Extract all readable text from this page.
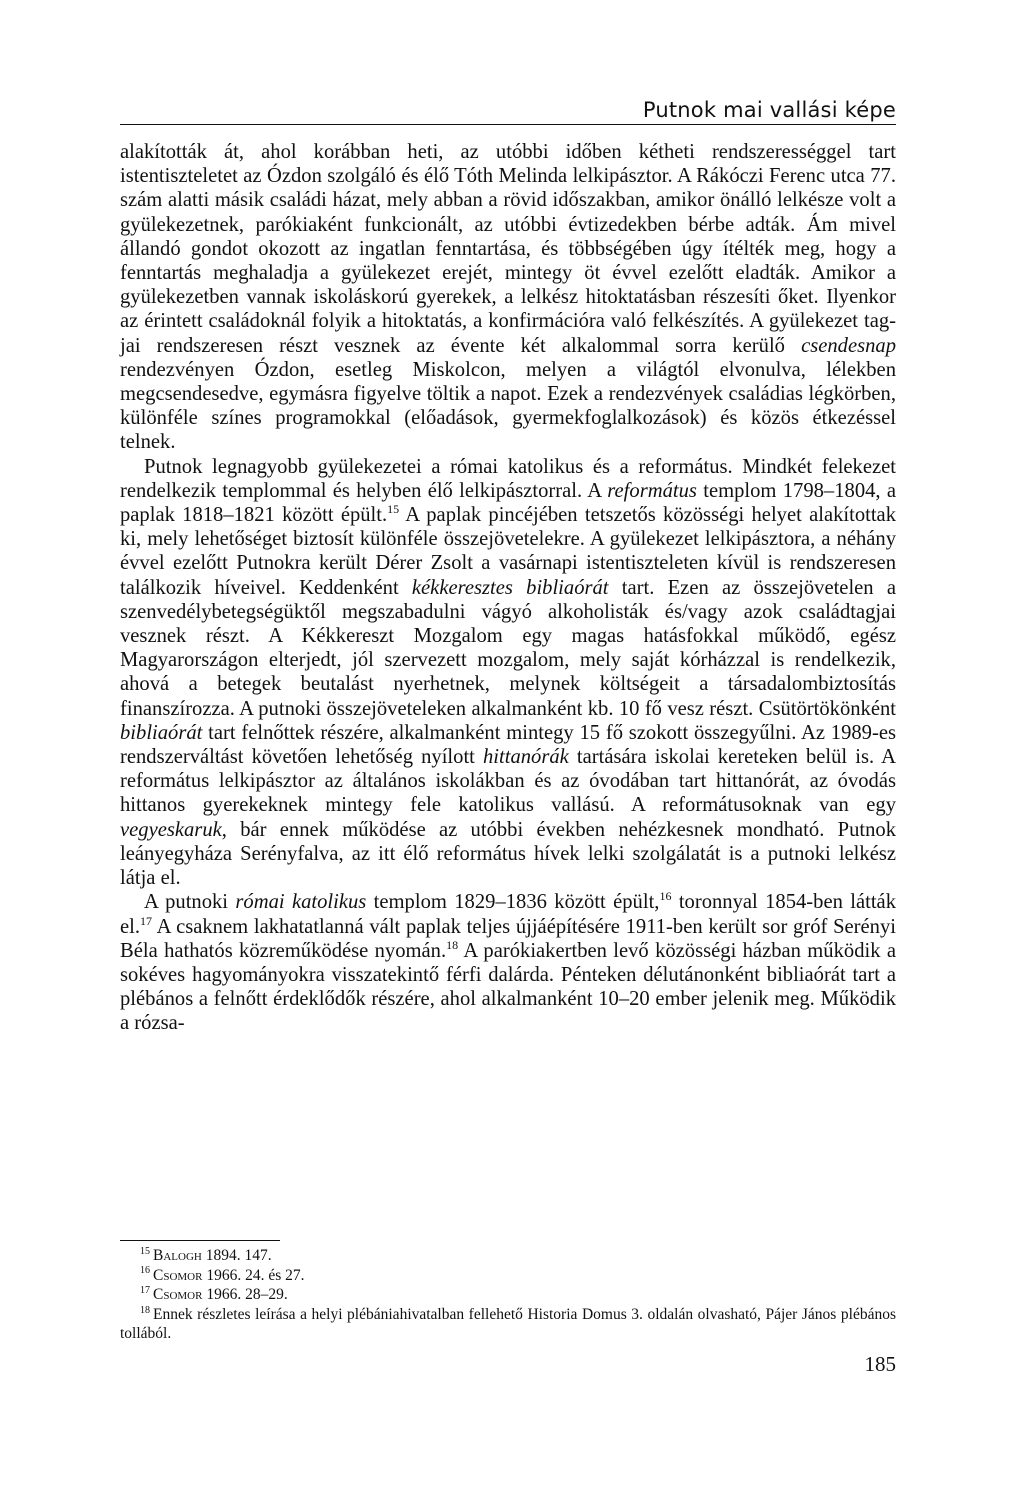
Putnok mai vallási képe

alakították át, ahol korábban heti, az utóbbi időben kétheti rendszerességgel tart istentiszteletet az Ózdon szolgáló és élő Tóth Melinda lelkipásztor. A Rákóczi Ferenc utca 77. szám alatti másik családi házat, mely abban a rövid időszakban, amikor önálló lelkésze volt a gyülekezetnek, parókiaként funkcionált, az utóbbi évtizedekben bérbe adták. Ám mivel állandó gondot okozott az ingatlan fenntartása, és többségében úgy ítélték meg, hogy a fenntartás meghaladja a gyülekezet erejét, mintegy öt évvel ezelőtt eladták. Amikor a gyülekezetben vannak iskoláskorú gyerekek, a lelkész hitoktatásban részesíti őket. Ilyenkor az érintett családoknál folyik a hitoktatás, a konfirmációra való felkészítés. A gyülekezet tagjai rendszeresen részt vesznek az évente két alkalommal sorra kerülő csendesnap rendezvényen Ózdon, esetleg Miskolcon, melyen a világtól elvonulva, lélekben megcsendesedve, egymásra figyelve töltik a napot. Ezek a rendezvények családias légkörben, különféle színes programokkal (előadások, gyermekfoglalkozások) és közös étkezéssel telnek.

Putnok legnagyobb gyülekezetei a római katolikus és a református. Mindkét felekezet rendelkezik templommal és helyben élő lelkipásztorral. A református templom 1798–1804, a paplak 1818–1821 között épült.$^{15}$ A paplak pincéjében tetszetős közösségi helyet alakítottak ki, mely lehetőséget biztosít különféle összejövetelekre. A gyülekezet lelkipásztora, a néhány évvel ezelőtt Putnokra került Dérer Zsolt a vasárnapi istentiszteleten kívül is rendszeresen találkozik híveivel. Keddenként kékkeresztes bibliaórát tart. Ezen az összejövetelen a szenvedélybetegségüktől megszabadulni vágyó alkoholisták és/vagy azok családtagjai vesznek részt. A Kékkereszt Mozgalom egy magas hatásfokkal működő, egész Magyarországon elterjedt, jól szervezett mozgalom, mely saját kórházzal is rendelkezik, ahová a betegek beutalást nyerhetnek, melynek költségeit a társadalombiztosítás finanszírozza. A putnoki összejöveteleken alkalmanként kb. 10 fő vesz részt. Csütörtökönként bibliaórát tart felnőttek részére, alkalmanként mintegy 15 fő szokott összegyűlni. Az 1989-es rendszerváltást követően lehetőség nyílott hittanórák tartására iskolai kereteken belül is. A református lelkipásztor az általános iskolákban és az óvodában tart hittanórát, az óvodás hittanos gyerekeknek mintegy fele katolikus vallású. A reformátusoknak van egy vegyeskaruk, bár ennek működése az utóbbi években nehézkesnek mondható. Putnok leányegyháza Serényfalva, az itt élő református hívek lelki szolgálatát is a putnoki lelkész látja el.

A putnoki római katolikus templom 1829–1836 között épült,$^{16}$ toronnyal 1854-ben látták el.$^{17}$ A csaknem lakhatatlanná vált paplak teljes újjáépítésére 1911-ben került sor gróf Serényi Béla hathatós közreműködése nyomán.$^{18}$ A parókiakertben levő közösségi házban működik a sokéves hagyományokra visszatekintő férfi dalárda. Pénteken délutánonként bibliaórát tart a plébános a felnőtt érdeklődők részére, ahol alkalmanként 10–20 ember jelenik meg. Működik a rózsa-

$^{15}$ Balogh 1894. 147.

$^{16}$ Csomor 1966. 24. és 27.

$^{17}$ Csomor 1966. 28–29.

$^{18}$ Ennek részletes leírása a helyi plébániahivatalban fellehető Historia Domus 3. oldalán olvasható, Pájer János plébános tollából.

185
